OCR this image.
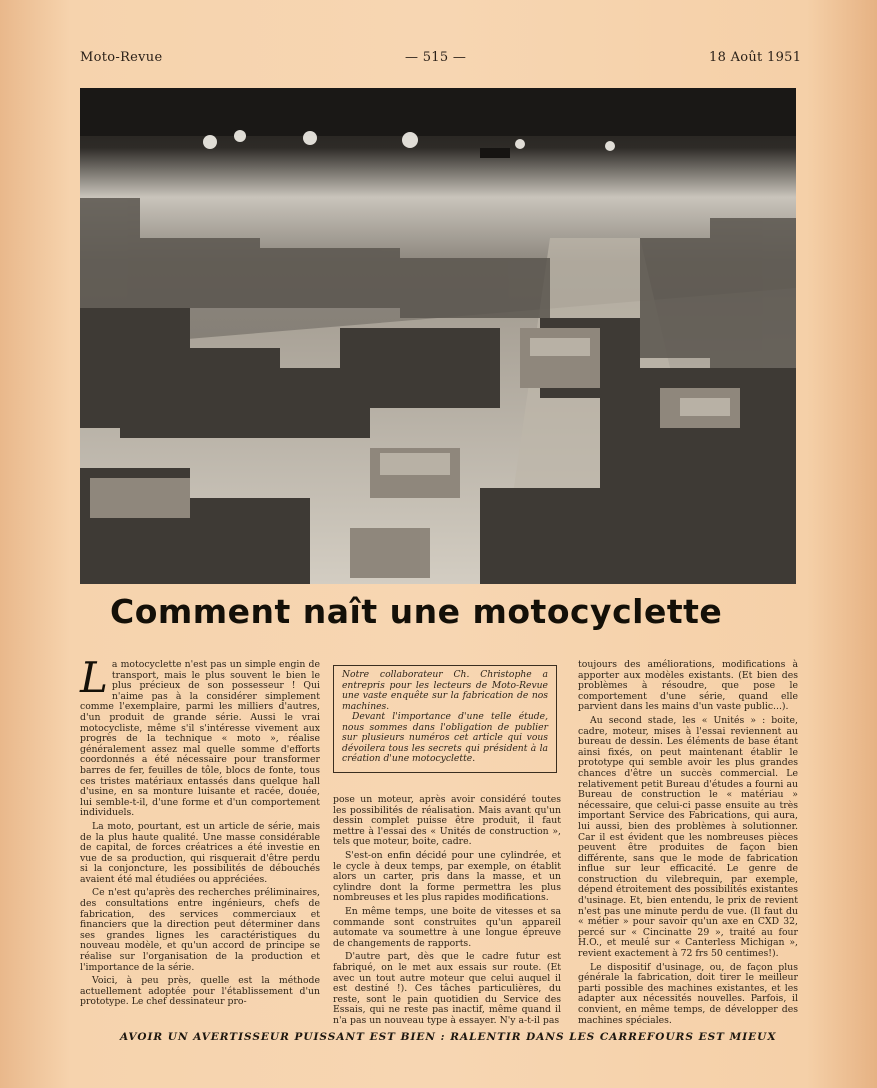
Moto-Revue	— 515 —	18 Août 1951
Comment naît une motocyclette
L a motocyclette n'est pas un simple engin de transport, mais le plus souvent le bien le plus précieux de son possesseur ! Qui n'aime pas à la considérer simplement comme l'exemplaire, parmi les milliers d'autres, d'un produit de grande série. Aussi le vrai motocycliste, même s'il s'intéresse vivement aux progrès de la technique « moto », réalise généralement assez mal quelle somme d'efforts coordonnés a été nécessaire pour transformer barres de fer, feuilles de tôle, blocs de fonte, tous ces tristes matériaux entassés dans quelque hall d'usine, en sa monture luisante et racée, douée, lui semble-t-il, d'une forme et d'un comportement individuels.

La moto, pourtant, est un article de série, mais de la plus haute qualité. Une masse considérable de capital, de forces créatrices a été investie en vue de sa production, qui risquerait d'être perdu si la conjoncture, les possibilités de débouchés avaient été mal étudiées ou appréciées.

Ce n'est qu'après des recherches préliminaires, des consultations entre ingénieurs, chefs de fabrication, des services commerciaux et financiers que la direction peut déterminer dans ses grandes lignes les caractéristiques du nouveau modèle, et qu'un accord de principe se réalise sur l'organisation de la production et l'importance de la série.

Voici, à peu près, quelle est la méthode actuellement adoptée pour l'établissement d'un prototype. Le chef dessinateur pro-

Notre collaborateur Ch. Christophe a entrepris pour les lecteurs de Moto-Revue une vaste enquête sur la fabrication de nos machines.

Devant l'importance d'une telle étude, nous sommes dans l'obligation de publier sur plusieurs numéros cet article qui vous dévoilera tous les secrets qui président à la création d'une motocyclette.

pose un moteur, après avoir considéré toutes les possibilités de réalisation. Mais avant qu'un dessin complet puisse être produit, il faut mettre à l'essai des « Unités de construction », tels que moteur, boite, cadre.

S'est-on enfin décidé pour une cylindrée, et le cycle à deux temps, par exemple, on établit alors un carter, pris dans la masse, et un cylindre dont la forme permettra les plus nombreuses et les plus rapides modifications.

En même temps, une boite de vitesses et sa commande sont construites qu'un appareil automate va soumettre à une longue épreuve de changements de rapports.

D'autre part, dès que le cadre futur est fabriqué, on le met aux essais sur route. (Et avec un tout autre moteur que celui auquel il est destiné !). Ces tâches particulières, du reste, sont le pain quotidien du Service des Essais, qui ne reste pas inactif, même quand il n'a pas un nouveau type à essayer. N'y a-t-il pas

toujours des améliorations, modifications à apporter aux modèles existants. (Et bien des problèmes à résoudre, que pose le comportement d'une série, quand elle parvient dans les mains d'un vaste public...).

Au second stade, les « Unités » : boite, cadre, moteur, mises à l'essai reviennent au bureau de dessin. Les éléments de base étant ainsi fixés, on peut maintenant établir le prototype qui semble avoir les plus grandes chances d'être un succès commercial. Le relativement petit Bureau d'études a fourni au Bureau de construction le « matériau » nécessaire, que celui-ci passe ensuite au très important Service des Fabrications, qui aura, lui aussi, bien des problèmes à solutionner. Car il est évident que les nombreuses pièces peuvent être produites de façon bien différente, sans que le mode de fabrication influe sur leur efficacité. Le genre de construction du vilebrequin, par exemple, dépend étroitement des possibilités existantes d'usinage. Et, bien entendu, le prix de revient n'est pas une minute perdu de vue. (Il faut du « métier » pour savoir qu'un axe en CXD 32, percé sur « Cincinatte 29 », traité au four H.O., et meulé sur « Canterless Michigan », revient exactement à 72 frs 50 centimes!).

Le dispositif d'usinage, ou, de façon plus générale la fabrication, doit tirer le meilleur parti possible des machines existantes, et les adapter aux nécessités nouvelles. Parfois, il convient, en même temps, de développer des machines spéciales.

AVOIR UN AVERTISSEUR PUISSANT EST BIEN : RALENTIR DANS LES CARREFOURS EST MIEUX
